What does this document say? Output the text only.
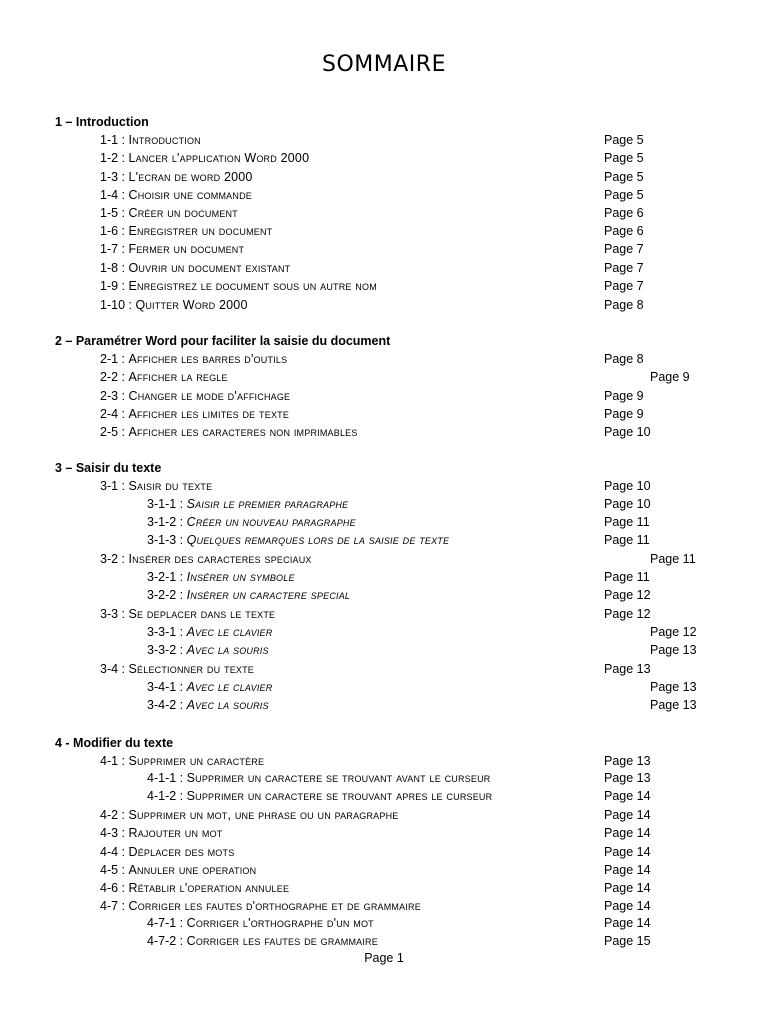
SOMMAIRE
1 – Introduction
1-1 : Introduction	Page 5
1-2 : Lancer l'application Word 2000	Page 5
1-3 : L'ecran de word 2000	Page 5
1-4 : Choisir une commande	Page 5
1-5 : Créer un document	Page 6
1-6 : Enregistrer un document	Page 6
1-7 : Fermer un document	Page 7
1-8 : Ouvrir un document existant	Page 7
1-9 : Enregistrez le document sous un autre nom	Page 7
1-10 : Quitter Word 2000	Page 8
2 – Paramétrer Word pour faciliter la saisie du document
2-1 : Afficher les barres d'outils	Page 8
2-2 : Afficher la regle	Page 9
2-3 : Changer le mode d'affichage	Page 9
2-4 : Afficher les limites de texte	Page 9
2-5 : Afficher les caracteres non imprimables	Page 10
3 – Saisir du texte
3-1 : Saisir du texte	Page 10
3-1-1 : Saisir le premier paragraphe	Page 10
3-1-2 : Créer un nouveau paragraphe	Page 11
3-1-3 : Quelques remarques lors de la saisie de texte	Page 11
3-2 : Insérer des caracteres speciaux	Page 11
3-2-1 : Insérer un symbole	Page 11
3-2-2 : Insérer un caractere special	Page 12
3-3 : Se deplacer dans le texte	Page 12
3-3-1 : Avec le clavier	Page 12
3-3-2 : Avec la souris	Page 13
3-4 : Sélectionner du texte	Page 13
3-4-1 : Avec le clavier	Page 13
3-4-2 : Avec la souris	Page 13
4 - Modifier du texte
4-1 : Supprimer un caractère	Page 13
4-1-1 : Supprimer un caractere se trouvant avant le curseur	Page 13
4-1-2 : Supprimer un caractere se trouvant apres le curseur	Page 14
4-2 : Supprimer un mot, une phrase ou un paragraphe	Page 14
4-3 : Rajouter un mot	Page 14
4-4 : Déplacer des mots	Page 14
4-5 : Annuler une operation	Page 14
4-6 : Rétablir l'operation annulee	Page 14
4-7 : Corriger les fautes d'orthographe et de grammaire	Page 14
4-7-1 : Corriger l'orthographe d'un mot	Page 14
4-7-2 : Corriger les fautes de grammaire	Page 15
Page 1
